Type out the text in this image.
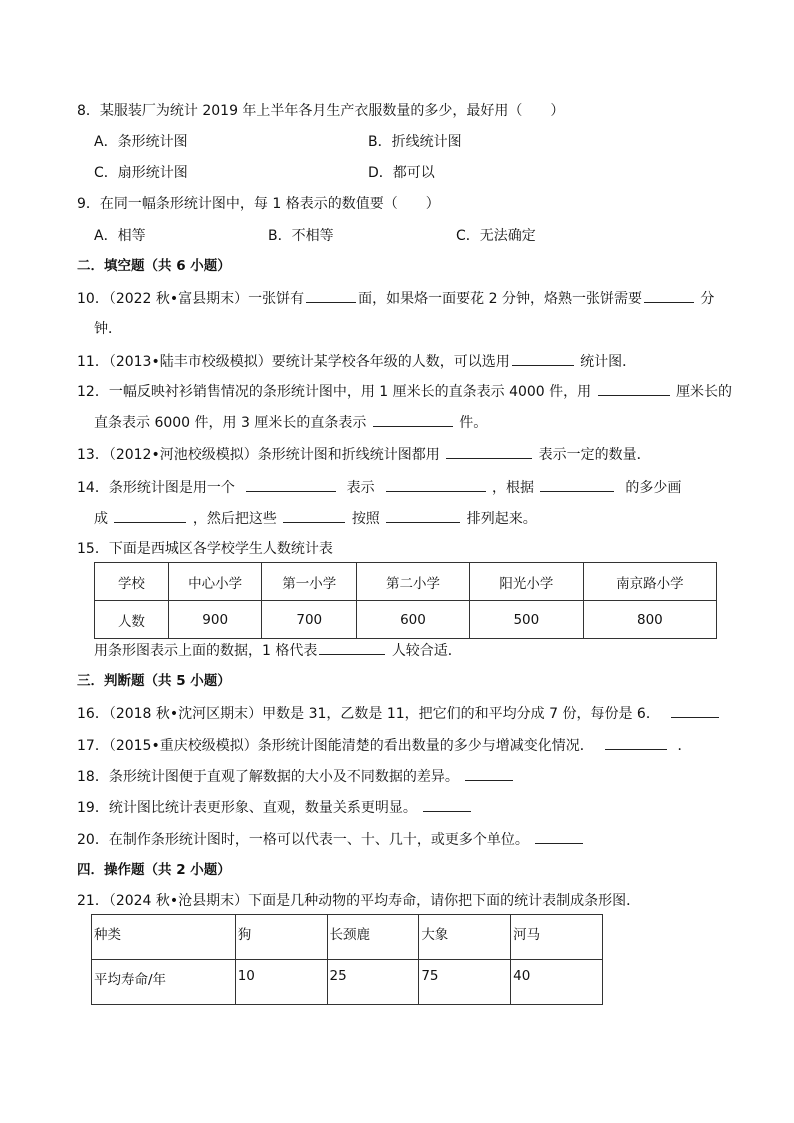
8．某服装厂为统计 2019 年上半年各月生产衣服数量的多少，最好用（　　）
A．条形统计图	B．折线统计图
C．扇形统计图	D．都可以
9．在同一幅条形统计图中，每 1 格表示的数值要（　　）
A．相等	B．不相等	C．无法确定
二．填空题（共 6 小题）
10．（2022 秋•富县期末）一张饼有	面，如果烙一面要花 2 分钟，烙熟一张饼需要	分
钟．
11．（2013•陆丰市校级模拟）要统计某学校各年级的人数，可以选用	统计图．
12．一幅反映衬衫销售情况的条形统计图中，用 1 厘米长的直条表示 4000 件，用	厘米长的
直条表示 6000 件，用 3 厘米长的直条表示	件。
13．（2012•河池校级模拟）条形统计图和折线统计图都用	表示一定的数量．
14．条形统计图是用一个	表示	，根据	的多少画
成	，然后把这些	按照	排列起来。
15．下面是西城区各学校学生人数统计表
学校	中心小学	第一小学	第二小学	阳光小学	南京路小学
人数	900	700	600	500	800
用条形图表示上面的数据，1 格代表	人较合适．
三．判断题（共 5 小题）
16．（2018 秋•沈河区期末）甲数是 31，乙数是 11，把它们的和平均分成 7 份，每份是 6．
17．（2015•重庆校级模拟）条形统计图能清楚的看出数量的多少与增减变化情况．	．
18．条形统计图便于直观了解数据的大小及不同数据的差异。
19．统计图比统计表更形象、直观，数量关系更明显。
20．在制作条形统计图时，一格可以代表一、十、几十，或更多个单位。
四．操作题（共 2 小题）
21．（2024 秋•沧县期末）下面是几种动物的平均寿命，请你把下面的统计表制成条形图．
种类	狗	长颈鹿	大象	河马
平均寿命/年	10	25	75	40
